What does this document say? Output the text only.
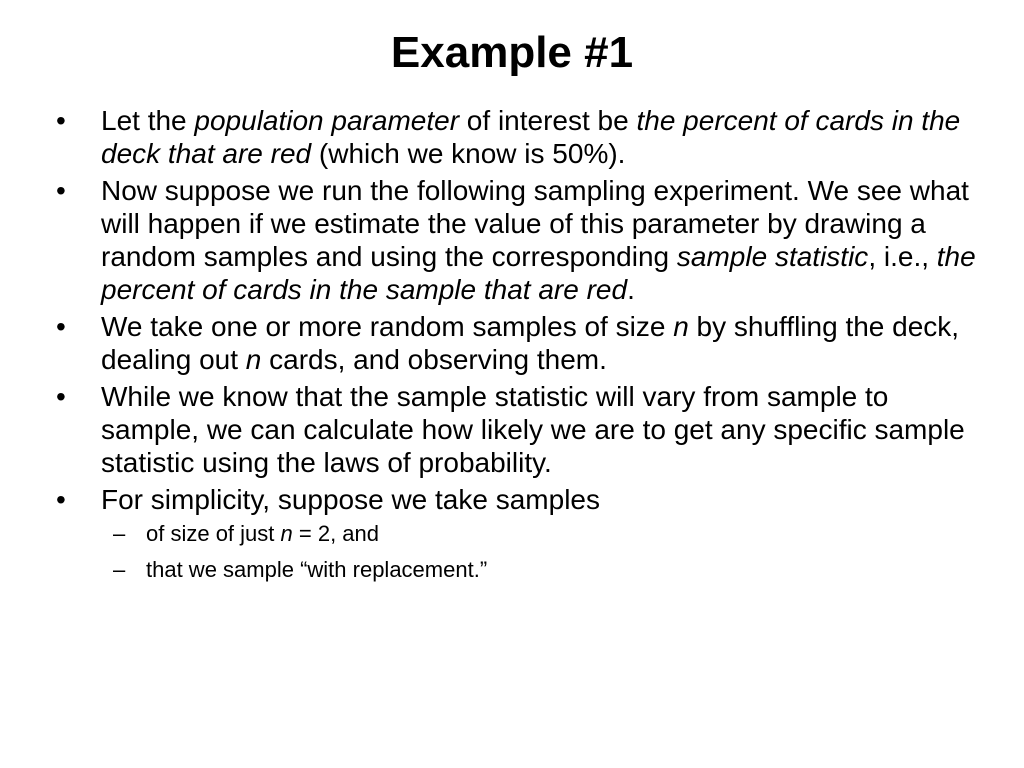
Example #1
•	Let the population parameter of interest be the percent of cards in the deck that are red (which we know is 50%).
•	Now suppose we run the following sampling experiment. We see what will happen if we estimate the value of this parameter by drawing a random samples and using the corresponding sample statistic, i.e., the percent of cards in the sample that are red.
•	We take one or more random samples of size n by shuffling the deck, dealing out n cards, and observing them.
•	While we know that the sample statistic will vary from sample to sample, we can calculate how likely we are to get any specific sample statistic using the laws of probability.
•	For simplicity, suppose we take samples
– of size of just n = 2, and
– that we sample “with replacement.”
